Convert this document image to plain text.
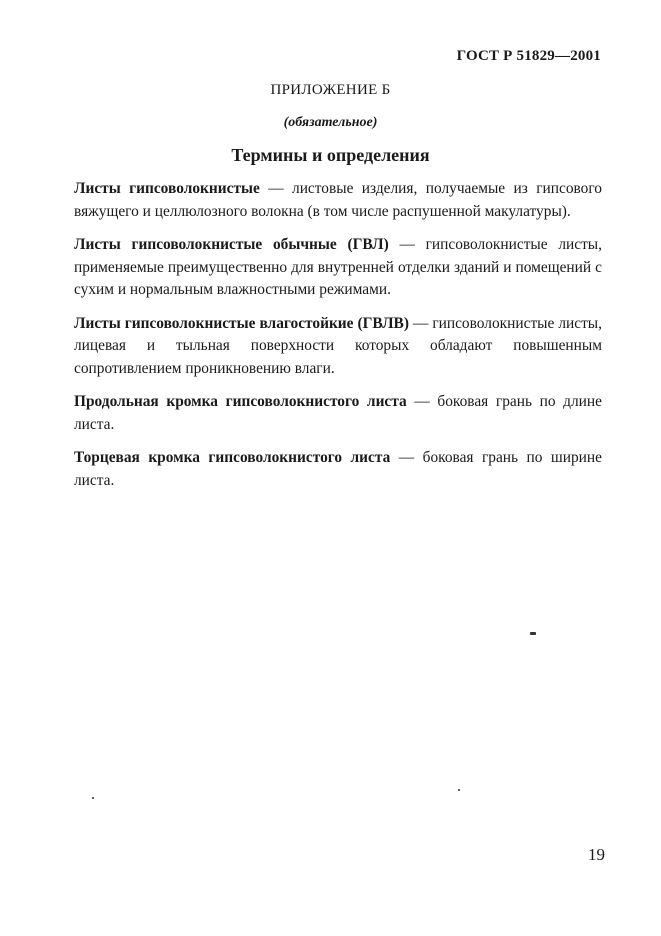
ГОСТ Р 51829—2001
ПРИЛОЖЕНИЕ Б
(обязательное)
Термины и определения

Листы гипсоволокнистые — листовые изделия, получаемые из гипсового вяжущего и целлюлозного волокна (в том числе распушенной макулатуры).

Листы гипсоволокнистые обычные (ГВЛ) — гипсоволокнистые листы, применяемые преимущественно для внутренней отделки зданий и помещений с сухим и нормальным влажностными режимами.

Листы гипсоволокнистые влагостойкие (ГВЛВ) — гипсоволокнистые листы, лицевая и тыльная поверхности которых обладают повышенным сопротивлением проникновению влаги.

Продольная кромка гипсоволокнистого листа — боковая грань по длине листа.

Торцевая кромка гипсоволокнистого листа — боковая грань по ширине листа.

19
